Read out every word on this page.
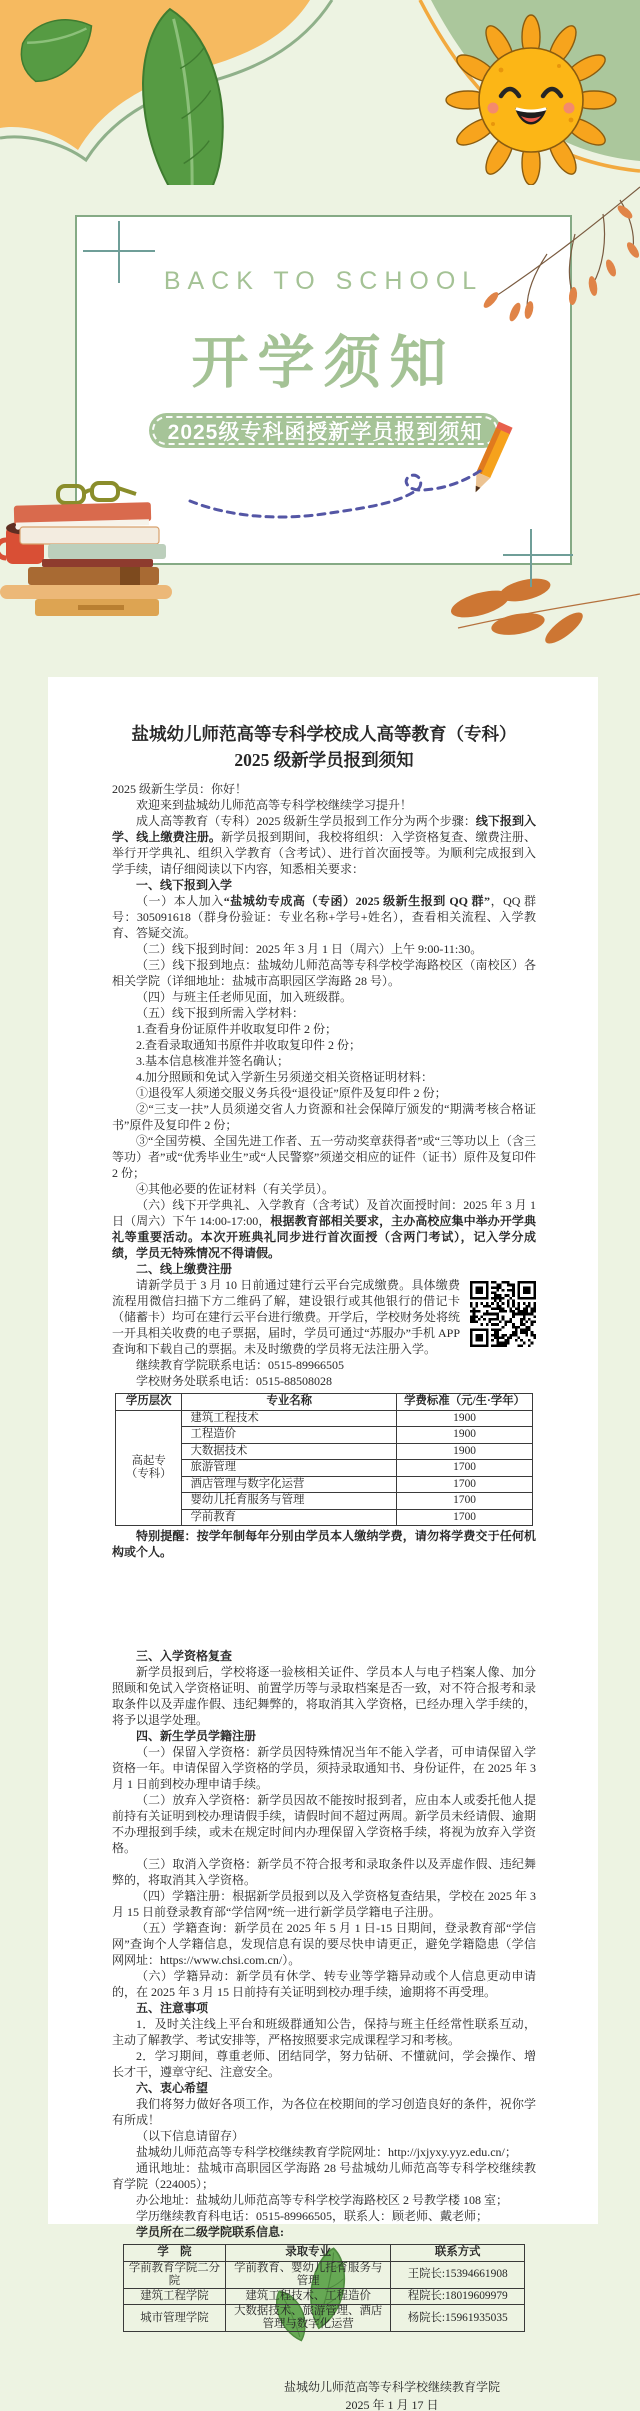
BACK TO SCHOOL
开学须知
2025级专科函授新学员报到须知
盐城幼儿师范高等专科学校成人高等教育（专科）
2025 级新学员报到须知

2025 级新生学员：你好！

欢迎来到盐城幼儿师范高等专科学校继续学习提升！

成人高等教育（专科）2025 级新生学员报到工作分为两个步骤：线下报到入学、线上缴费注册。新学员报到期间，我校将组织：入学资格复查、缴费注册、举行开学典礼、组织入学教育（含考试）、进行首次面授等。为顺利完成报到入学手续，请仔细阅读以下内容，知悉相关要求：

一、线下报到入学

（一）本人加入“盐城幼专成高（专函）2025 级新生报到 QQ 群”，QQ 群号：305091618（群身份验证：专业名称+学号+姓名），查看相关流程、入学教育、答疑交流。

（二）线下报到时间：2025 年 3 月 1 日（周六）上午 9:00-11:30。

（三）线下报到地点：盐城幼儿师范高等专科学校学海路校区（南校区）各相关学院（详细地址：盐城市高职园区学海路 28 号）。

（四）与班主任老师见面，加入班级群。

（五）线下报到所需入学材料：

1.查看身份证原件并收取复印件 2 份；

2.查看录取通知书原件并收取复印件 2 份；

3.基本信息核准并签名确认；

4.加分照顾和免试入学新生另须递交相关资格证明材料：

①退役军人须递交服义务兵役“退役证”原件及复印件 2 份；

②“三支一扶”人员须递交省人力资源和社会保障厅颁发的“期满考核合格证书”原件及复印件 2 份；

③“全国劳模、全国先进工作者、五一劳动奖章获得者”或“三等功以上（含三等功）者”或“优秀毕业生”或“人民警察”须递交相应的证件（证书）原件及复印件 2 份；

④其他必要的佐证材料（有关学员）。

（六）线下开学典礼、入学教育（含考试）及首次面授时间：2025 年 3 月 1 日（周六）下午 14:00-17:00，根据教育部相关要求，主办高校应集中举办开学典礼等重要活动。本次开班典礼同步进行首次面授（含两门考试），记入学分成绩，学员无特殊情况不得请假。

二、线上缴费注册

请新学员于 3 月 10 日前通过建行云平台完成缴费。具体缴费流程用微信扫描下方二维码了解，建设银行或其他银行的借记卡（储蓄卡）均可在建行云平台进行缴费。开学后，学校财务处将统一开具相关收费的电子票据，届时，学员可通过“苏服办”手机 APP 查询和下载自己的票据。未及时缴费的学员将无法注册入学。

继续教育学院联系电话：0515-89966505

学校财务处联系电话：0515-88508028

学历层次	专业名称	学费标准（元/生·学年）

高起专
（专科）	建筑工程技术	1900
	工程造价	1900
	大数据技术	1900
	旅游管理	1700
	酒店管理与数字化运营	1700
	婴幼儿托育服务与管理	1700
	学前教育	1700

特别提醒：按学年制每年分别由学员本人缴纳学费，请勿将学费交于任何机构或个人。

三、入学资格复查

新学员报到后，学校将逐一验核相关证件、学员本人与电子档案人像、加分照顾和免试入学资格证明、前置学历等与录取档案是否一致，对不符合报考和录取条件以及弄虚作假、违纪舞弊的，将取消其入学资格，已经办理入学手续的，将予以退学处理。

四、新生学员学籍注册

（一）保留入学资格：新学员因特殊情况当年不能入学者，可申请保留入学资格一年。申请保留入学资格的学员，须持录取通知书、身份证件，在 2025 年 3 月 1 日前到校办理申请手续。

（二）放弃入学资格：新学员因故不能按时报到者，应由本人或委托他人提前持有关证明到校办理请假手续，请假时间不超过两周。新学员未经请假、逾期不办理报到手续，或未在规定时间内办理保留入学资格手续，将视为放弃入学资格。

（三）取消入学资格：新学员不符合报考和录取条件以及弄虚作假、违纪舞弊的，将取消其入学资格。

（四）学籍注册：根据新学员报到以及入学资格复查结果，学校在 2025 年 3 月 15 日前登录教育部“学信网”统一进行新学员学籍电子注册。

（五）学籍查询：新学员在 2025 年 5 月 1 日-15 日期间，登录教育部“学信网”查询个人学籍信息，发现信息有误的要尽快申请更正，避免学籍隐患（学信网网址：https://www.chsi.com.cn/）。

（六）学籍异动：新学员有休学、转专业等学籍异动或个人信息更动申请的，在 2025 年 3 月 15 日前持有关证明到校办理手续，逾期将不再受理。

五、注意事项

1．及时关注线上平台和班级群通知公告，保持与班主任经常性联系互动，主动了解教学、考试安排等，严格按照要求完成课程学习和考核。

2．学习期间，尊重老师、团结同学，努力钻研、不懂就问，学会操作、增长才干，遵章守纪、注意安全。

六、衷心希望

我们将努力做好各项工作，为各位在校期间的学习创造良好的条件，祝你学有所成！

（以下信息请留存）

盐城幼儿师范高等专科学校继续教育学院网址：http://jxjyxy.yyz.edu.cn/；

通讯地址：盐城市高职园区学海路 28 号盐城幼儿师范高等专科学校继续教育学院（224005）；

办公地址：盐城幼儿师范高等专科学校学海路校区 2 号教学楼 108 室；

学历继续教育科电话：0515-89966505，联系人：顾老师、戴老师；

学员所在二级学院联系信息:

学　院	录取专业	联系方式
学前教育学院二分院	学前教育、婴幼儿托育服务与管理	王院长:15394661908
建筑工程学院	建筑工程技术、工程造价	程院长:18019609979
城市管理学院	大数据技术、旅游管理、酒店管理与数字化运营	杨院长:15961935035
盐城幼儿师范高等专科学校继续教育学院
2025 年 1 月 17 日
